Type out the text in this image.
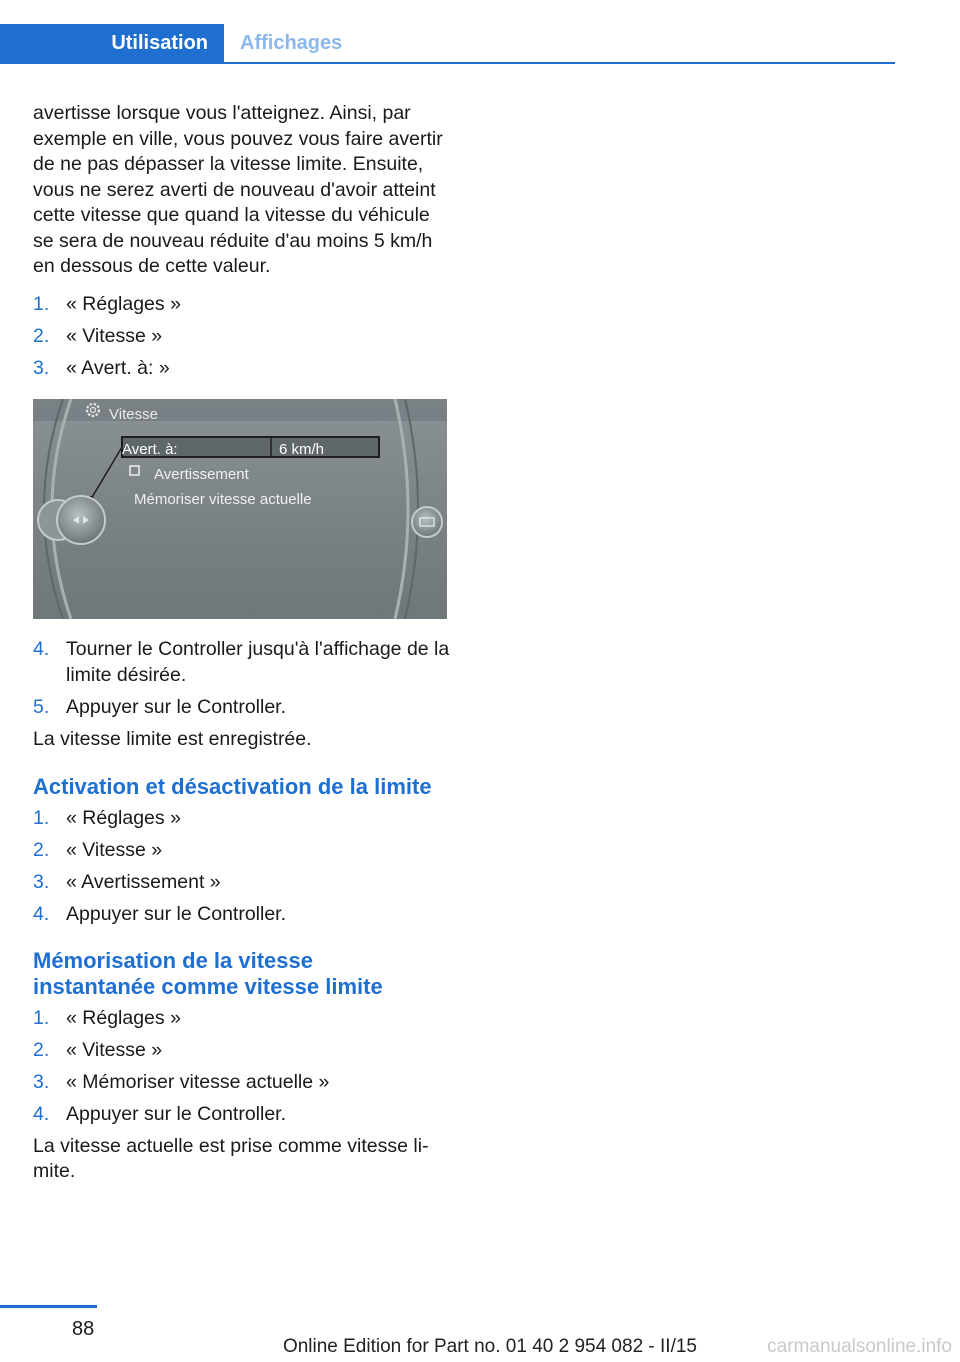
Utilisation	Affichages

avertisse lorsque vous l'atteignez. Ainsi, par exemple en ville, vous pouvez vous faire avertir de ne pas dépasser la vitesse limite. Ensuite, vous ne serez averti de nouveau d'avoir atteint cette vitesse que quand la vitesse du véhicule se sera de nouveau réduite d'au moins 5 km/h en dessous de cette valeur.

1. « Réglages »
2. « Vitesse »
3. « Avert. à: »
Vitesse
Avert. à:	6 km/h
Avertissement
Mémoriser vitesse actuelle
4. Tourner le Controller jusqu'à l'affichage de la limite désirée.
5. Appuyer sur le Controller.

La vitesse limite est enregistrée.

Activation et désactivation de la limite
1. « Réglages »
2. « Vitesse »
3. « Avertissement »
4. Appuyer sur le Controller.
Mémorisation de la vitesse instantanée comme vitesse limite
1. « Réglages »
2. « Vitesse »
3. « Mémoriser vitesse actuelle »
4. Appuyer sur le Controller.

La vitesse actuelle est prise comme vitesse li-mite.

88
Online Edition for Part no. 01 40 2 954 082 - II/15	carmanualsonline.info
